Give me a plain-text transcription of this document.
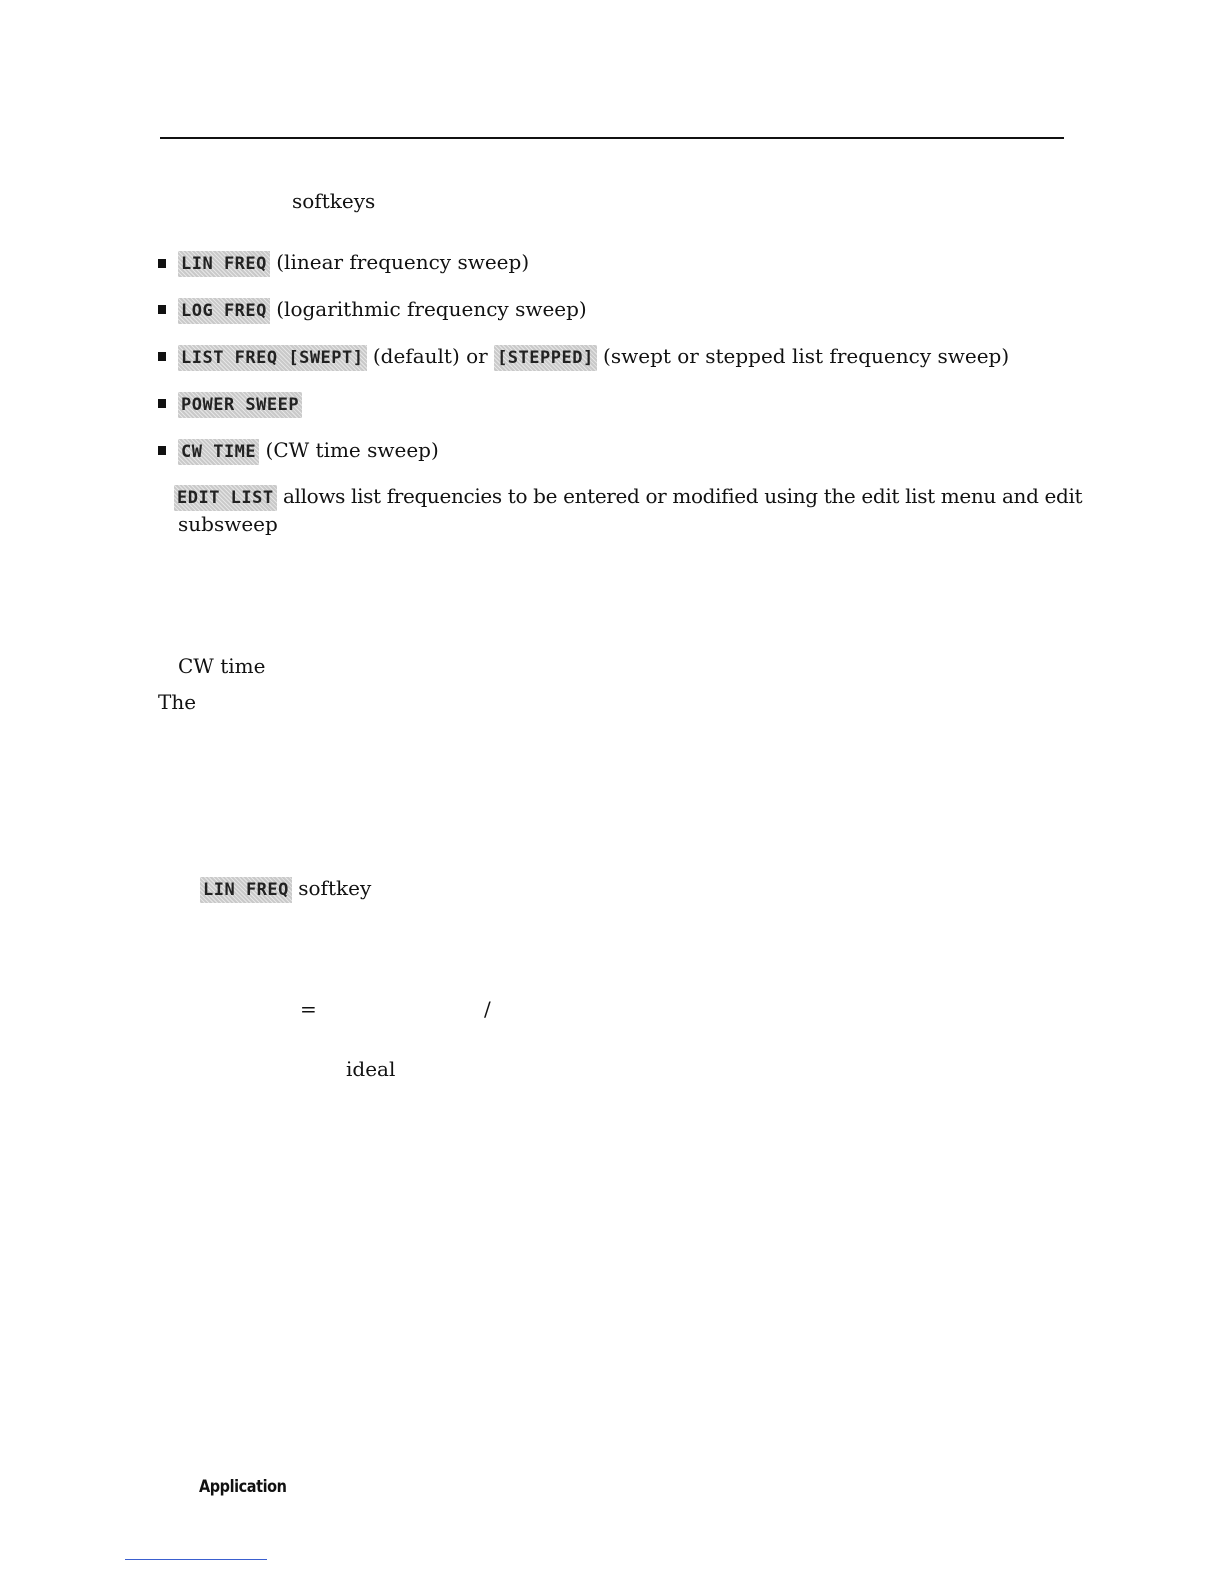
softkeys
LIN FREQ (linear frequency sweep)
LOG FREQ (logarithmic frequency sweep)
LIST FREQ [SWEPT] (default) or [STEPPED] (swept or stepped list frequency sweep)
POWER SWEEP
CW TIME (CW time sweep)
EDIT LIST allows list frequencies to be entered or modified using the edit list menu and edit
subsweep
CW time
The
LIN FREQ softkey
=	/
ideal
Application
